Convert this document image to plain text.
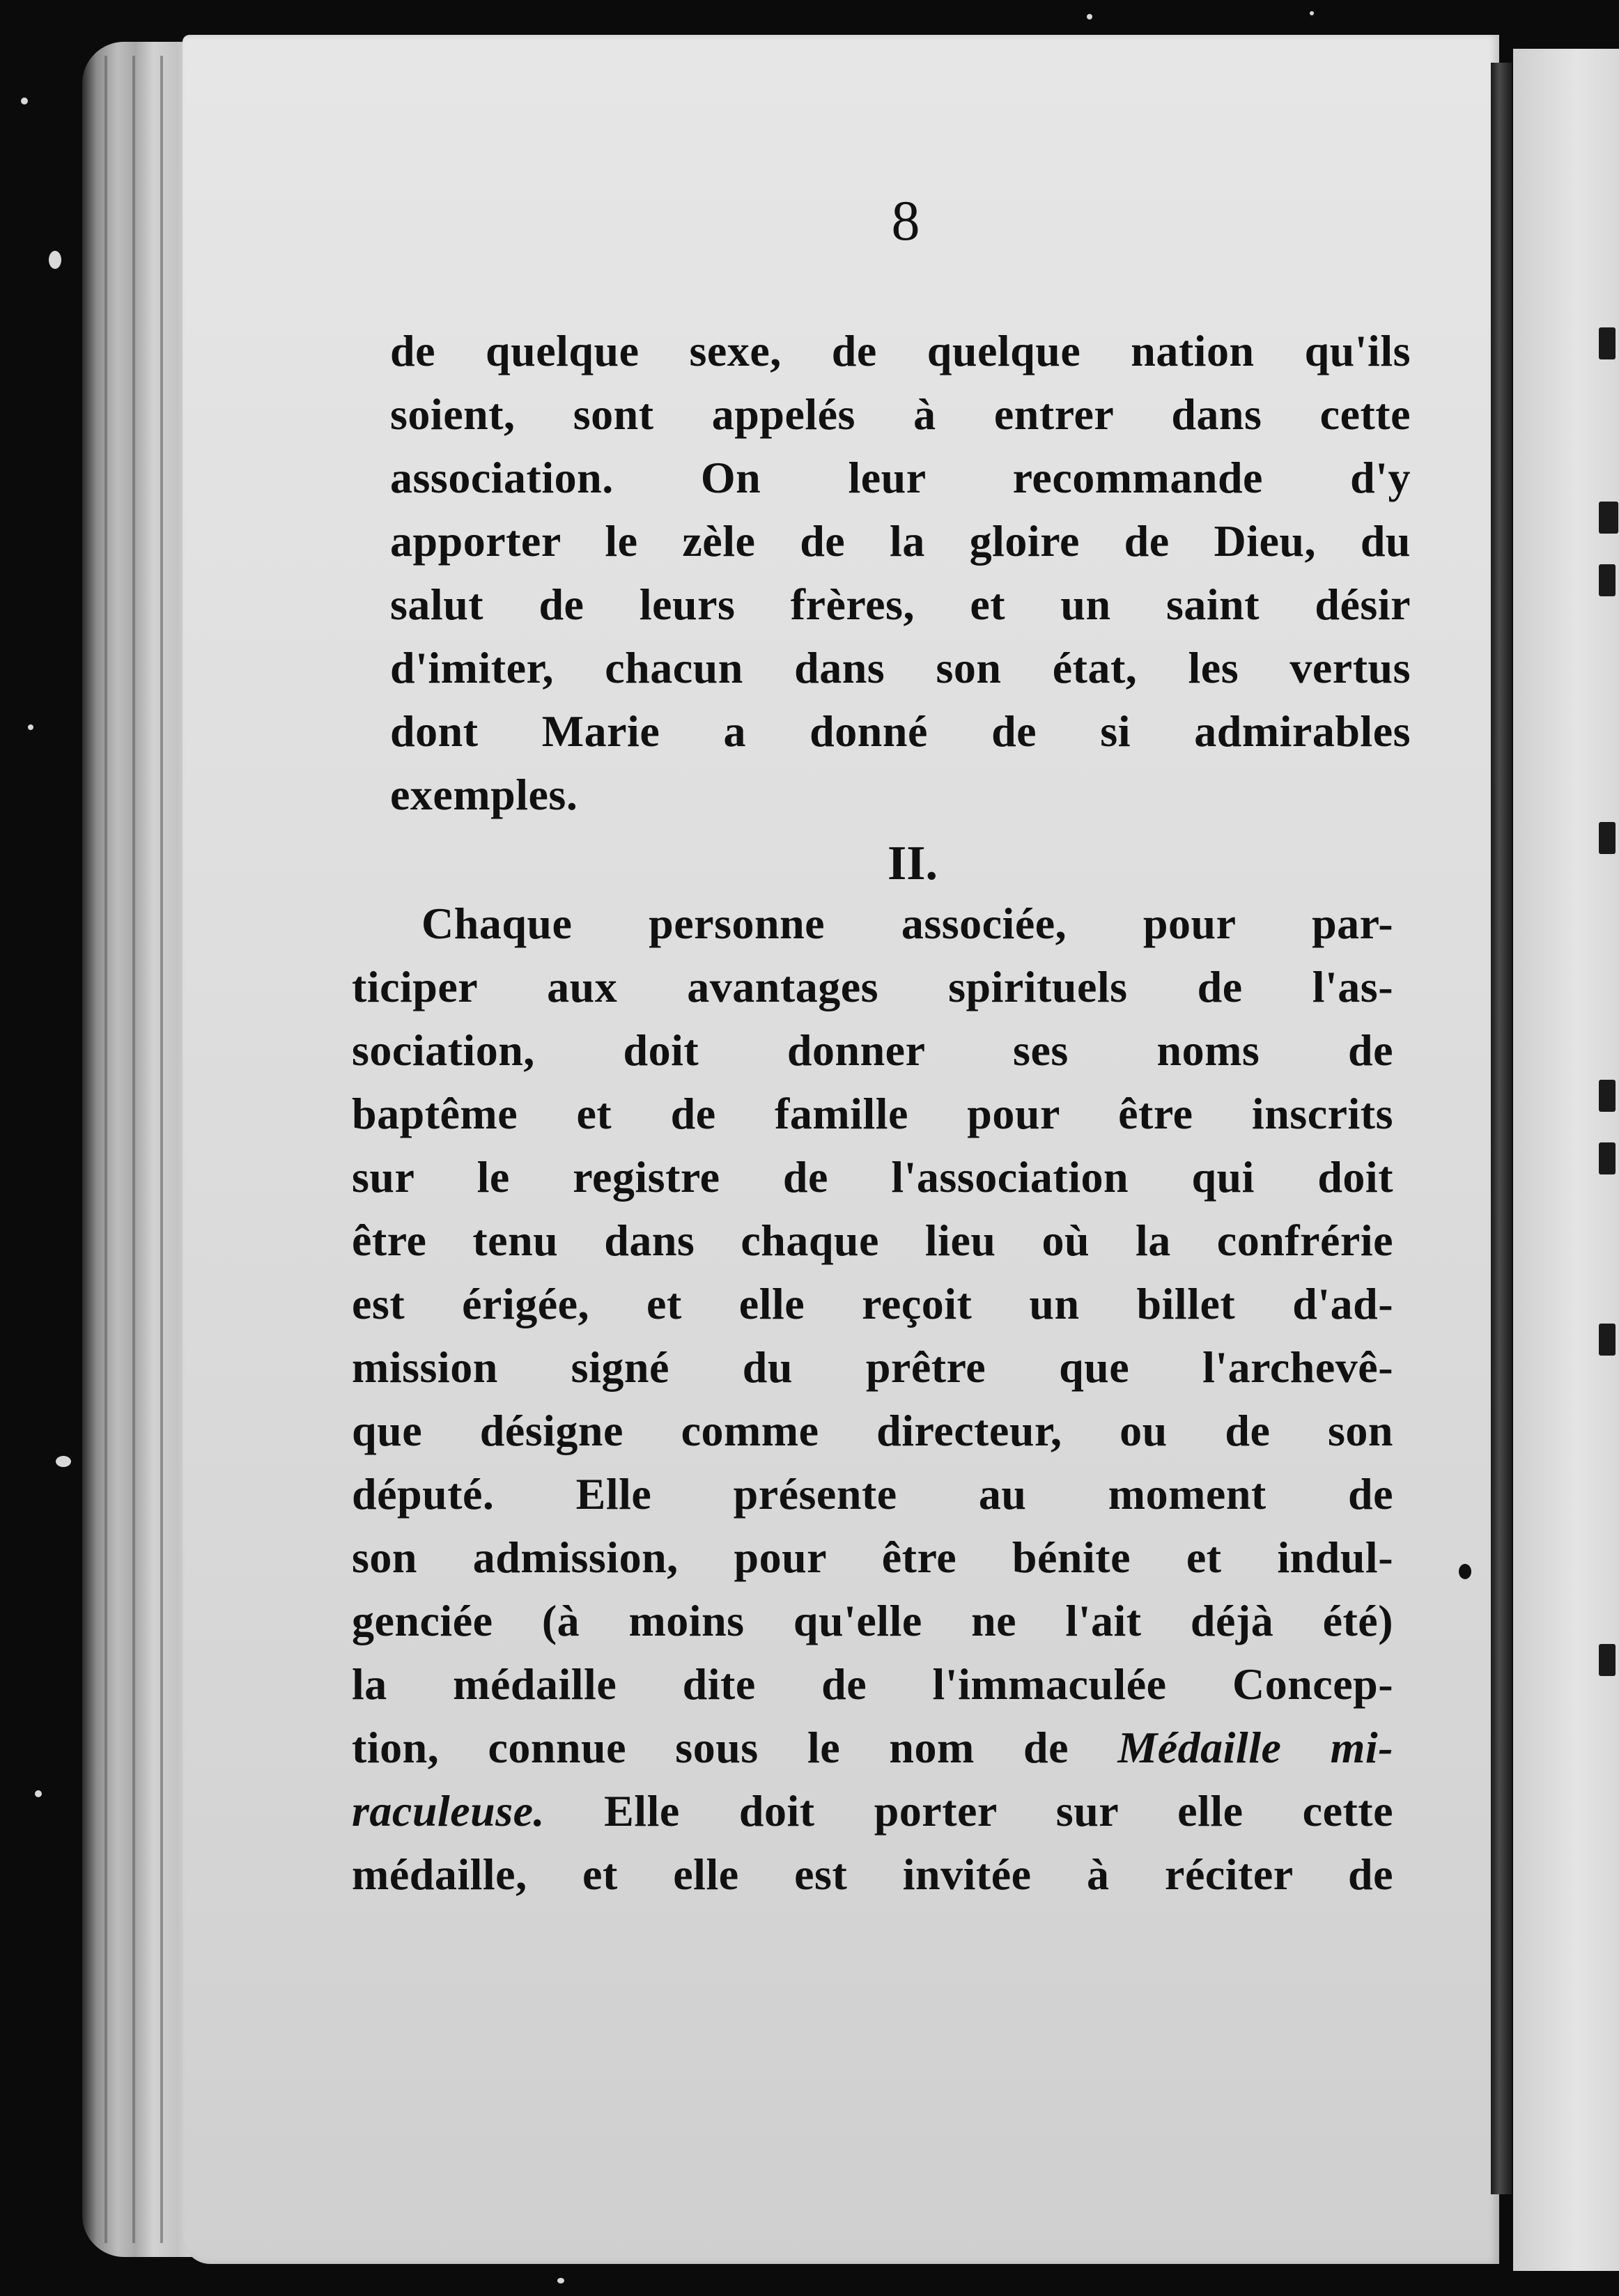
8

de quelque sexe, de quelque nation qu'ils
soient, sont appelés à entrer dans cette
association. On leur recommande d'y
apporter le zèle de la gloire de Dieu, du
salut de leurs frères, et un saint désir
d'imiter, chacun dans son état, les vertus
dont Marie a donné de si admirables
exemples.

II.

Chaque personne associée, pour par-
ticiper aux avantages spirituels de l'as-
sociation, doit donner ses noms de
baptême et de famille pour être inscrits
sur le registre de l'association qui doit
être tenu dans chaque lieu où la confrérie
est érigée, et elle reçoit un billet d'ad-
mission signé du prêtre que l'archevê-
que désigne comme directeur, ou de son
député. Elle présente au moment de
son admission, pour être bénite et indul-
genciée (à moins qu'elle ne l'ait déjà été)
la médaille dite de l'immaculée Concep-
tion, connue sous le nom de Médaille mi-
raculeuse. Elle doit porter sur elle cette
médaille, et elle est invitée à réciter de
